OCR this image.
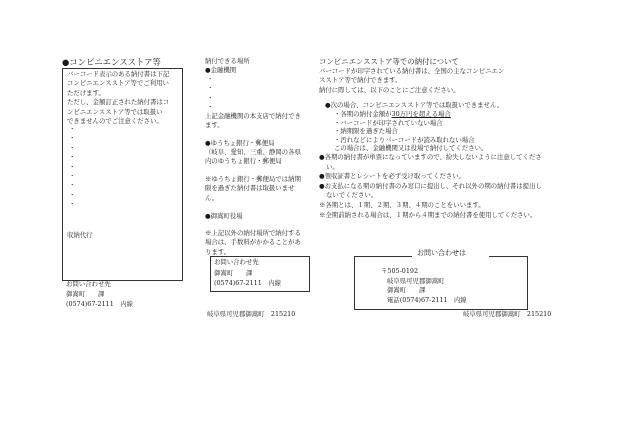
●コンビニエンスストア等
バーコード表示のある納付書は下記
コンビニエンスストア等でご利用い
ただけます。
ただし、金額訂正された納付書はコ
ンビニエンスストア等では取扱い
できませんのでご注意ください。
・
・
・
・
・
・
・
・
・
収納代行
お問い合わせ先
御嵩町　　課
(0574)67-2111　内線
納付できる場所
●金融機関
・
・
・
・
上記金融機関の本支店で納付でき
ます。
●ゆうちょ銀行・郵便局
（岐阜、愛知、三重、静岡の各県
内のゆうちょ銀行・郵便局
※ゆうちょ銀行・郵便局では納期
限を過ぎた納付書は取扱いませ
ん。
●御嵩町役場
※上記以外の納付場所で納付する
場合は、手数料がかかることがあ
ります。
お問い合わせ先
御嵩町　　課
(0574)67-2111　内線
岐阜県可児郡御嵩町　215210
コンビニエンスストア等での納付について
バーコードが印字されている納付書は、全国の主なコンビニエン
スストア等で納付できます。
納付に際しては、以下のことにご注意ください。
●次の場合、コンビニエンスストア等では取扱いできません。
・各期の納付金額が30万円を超える場合
・バーコードが印字されていない場合
・納期限を過ぎた場合
・汚れなどによりバーコードが読み取れない場合
この場合は、金融機関又は役場で納付してください。
●各期の納付書が単票になっていますので、紛失しないように注意してくださ
い。
●領収証書とレシートを必ず受け取ってください。
●お支払になる期の納付書のみ窓口に提出し、それ以外の期の納付書は提出し
ないでください。
※各期とは、１期、２期、３期、４期のことをいいます。
※全期前納される場合は、１期から４期までの納付書を使用してください。
お問い合わせは
〒505-0192
岐阜県可児郡御嵩町
御嵩町　　課
電話(0574)67-2111　内線
岐阜県可児郡御嵩町　215210
